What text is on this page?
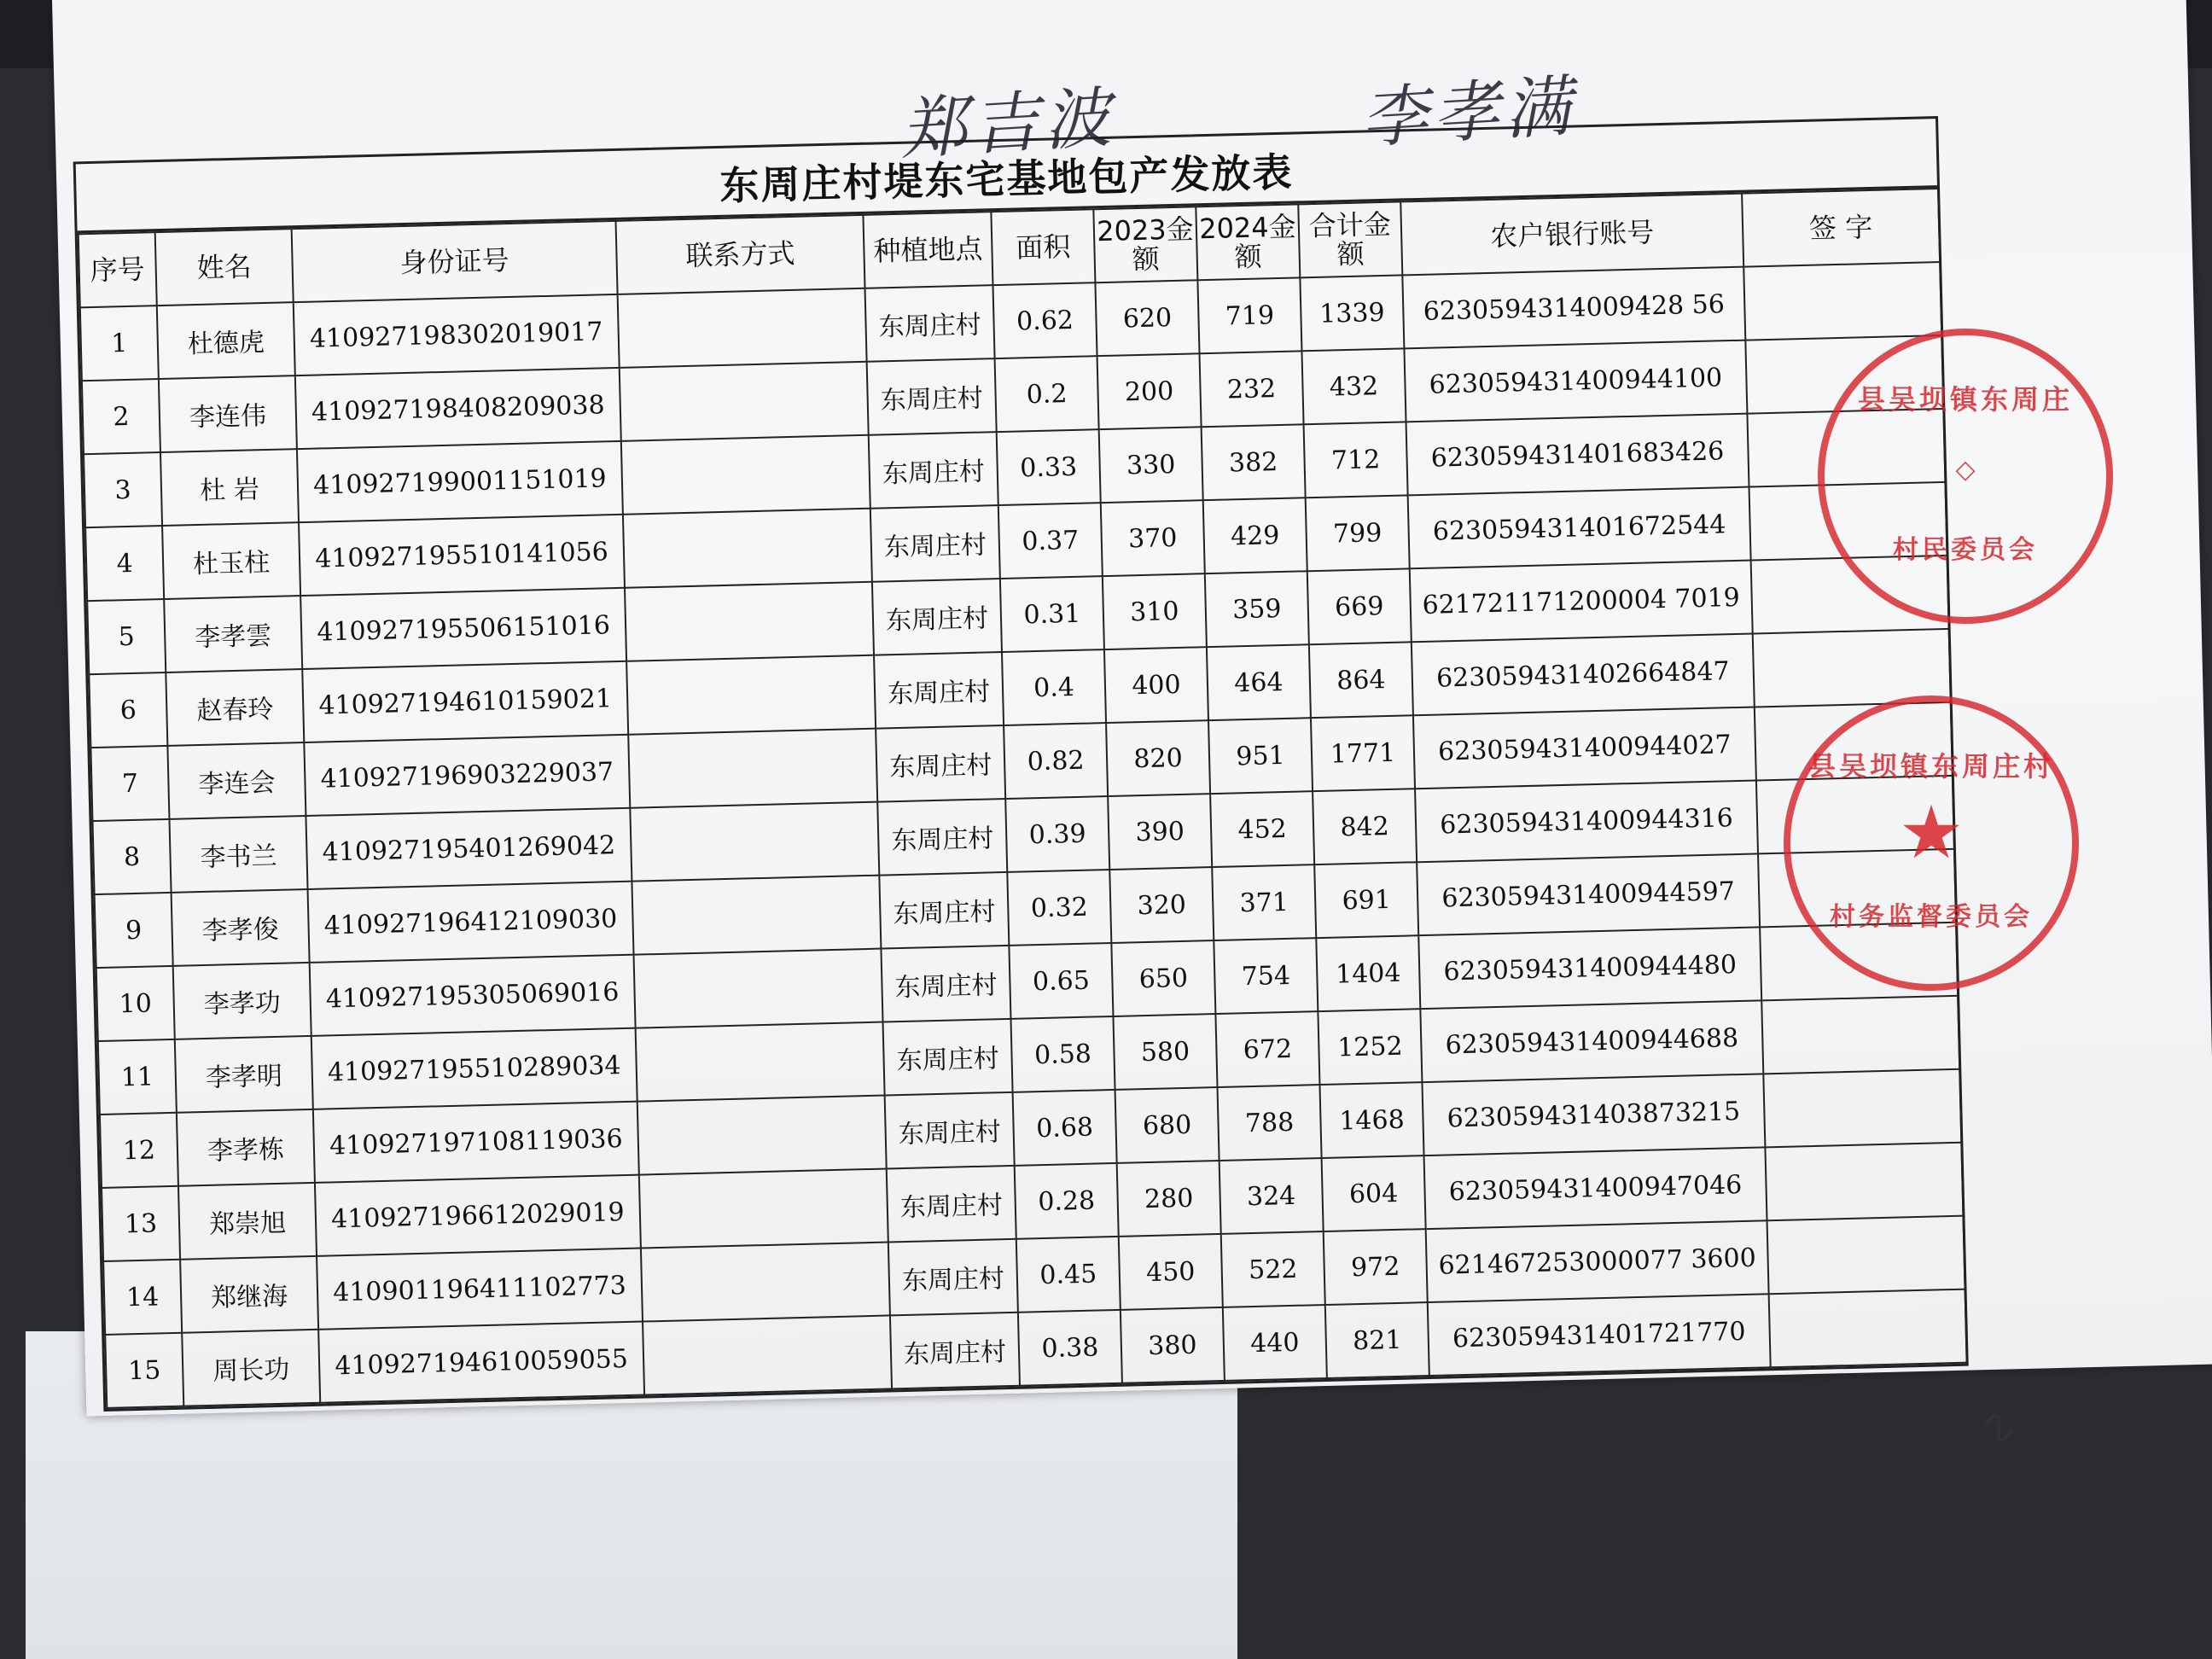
郑吉波	李孝满
东周庄村堤东宅基地包产发放表
序号	姓名	身份证号	联系方式	种植地点	面积	2023金额	2024金额	合计金额	农户银行账号	签 字
1	杜德虎	410927198302019017		东周庄村	0.62	620	719	1339	6230594314009428 56	
2	李连伟	410927198408209038		东周庄村	0.2	200	232	432	623059431400944100	
3	杜 岩	410927199001151019		东周庄村	0.33	330	382	712	623059431401683426	
4	杜玉柱	410927195510141056		东周庄村	0.37	370	429	799	623059431401672544	
5	李孝雲	410927195506151016		东周庄村	0.31	310	359	669	621721171200004 7019	
6	赵春玲	410927194610159021		东周庄村	0.4	400	464	864	623059431402664847	
7	李连会	410927196903229037		东周庄村	0.82	820	951	1771	623059431400944027	
8	李书兰	410927195401269042		东周庄村	0.39	390	452	842	623059431400944316	
9	李孝俊	410927196412109030		东周庄村	0.32	320	371	691	623059431400944597	
10	李孝功	410927195305069016		东周庄村	0.65	650	754	1404	623059431400944480	
11	李孝明	410927195510289034		东周庄村	0.58	580	672	1252	623059431400944688	
12	李孝栋	410927197108119036		东周庄村	0.68	680	788	1468	623059431403873215	
13	郑崇旭	410927196612029019		东周庄村	0.28	280	324	604	623059431400947046	
14	郑继海	410901196411102773		东周庄村	0.45	450	522	972	621467253000077 3600	
15	周长功	410927194610059055		东周庄村	0.38	380	440	821	623059431401721770	
县吴坝镇东周庄
◇
村民委员会
县吴坝镇东周庄村
★
村务监督委员会
∿
